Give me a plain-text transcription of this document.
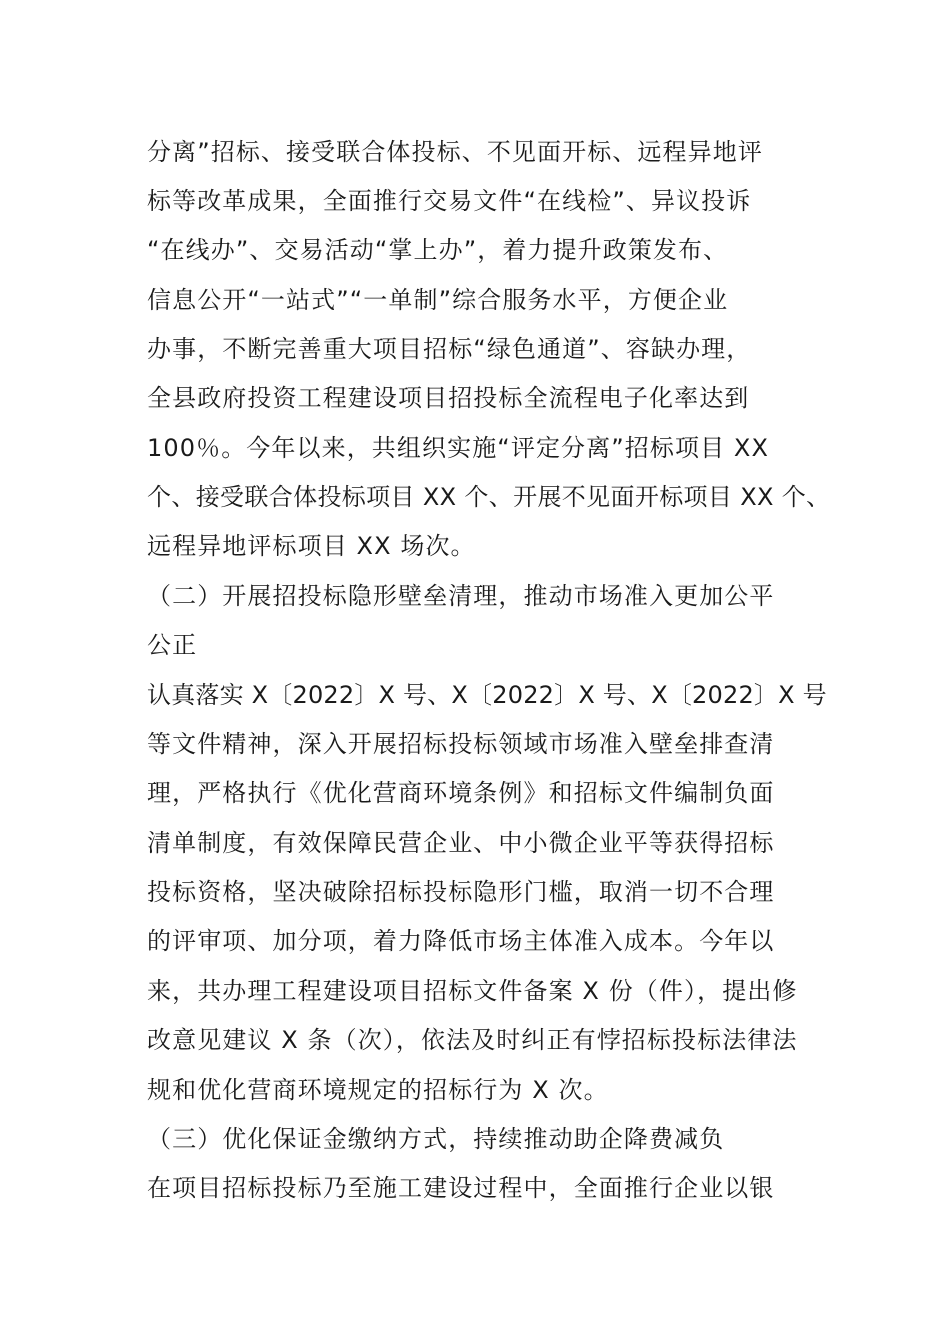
分离”招标、接受联合体投标、不见面开标、远程异地评
标等改革成果，全面推行交易文件“在线检”、异议投诉
“在线办”、交易活动“掌上办”，着力提升政策发布、
信息公开“一站式”“一单制”综合服务水平，方便企业
办事，不断完善重大项目招标“绿色通道”、容缺办理，
全县政府投资工程建设项目招投标全流程电子化率达到
100％。今年以来，共组织实施“评定分离”招标项目 XX
个、接受联合体投标项目 XX 个、开展不见面开标项目 XX 个、
远程异地评标项目 XX 场次。
（二）开展招投标隐形壁垒清理，推动市场准入更加公平
公正
认真落实 X〔2022〕X 号、X〔2022〕X 号、X〔2022〕X 号
等文件精神，深入开展招标投标领域市场准入壁垒排查清
理，严格执行《优化营商环境条例》和招标文件编制负面
清单制度，有效保障民营企业、中小微企业平等获得招标
投标资格，坚决破除招标投标隐形门槛，取消一切不合理
的评审项、加分项，着力降低市场主体准入成本。今年以
来，共办理工程建设项目招标文件备案 X 份（件），提出修
改意见建议 X 条（次），依法及时纠正有悖招标投标法律法
规和优化营商环境规定的招标行为 X 次。
（三）优化保证金缴纳方式，持续推动助企降费减负
在项目招标投标乃至施工建设过程中，全面推行企业以银
